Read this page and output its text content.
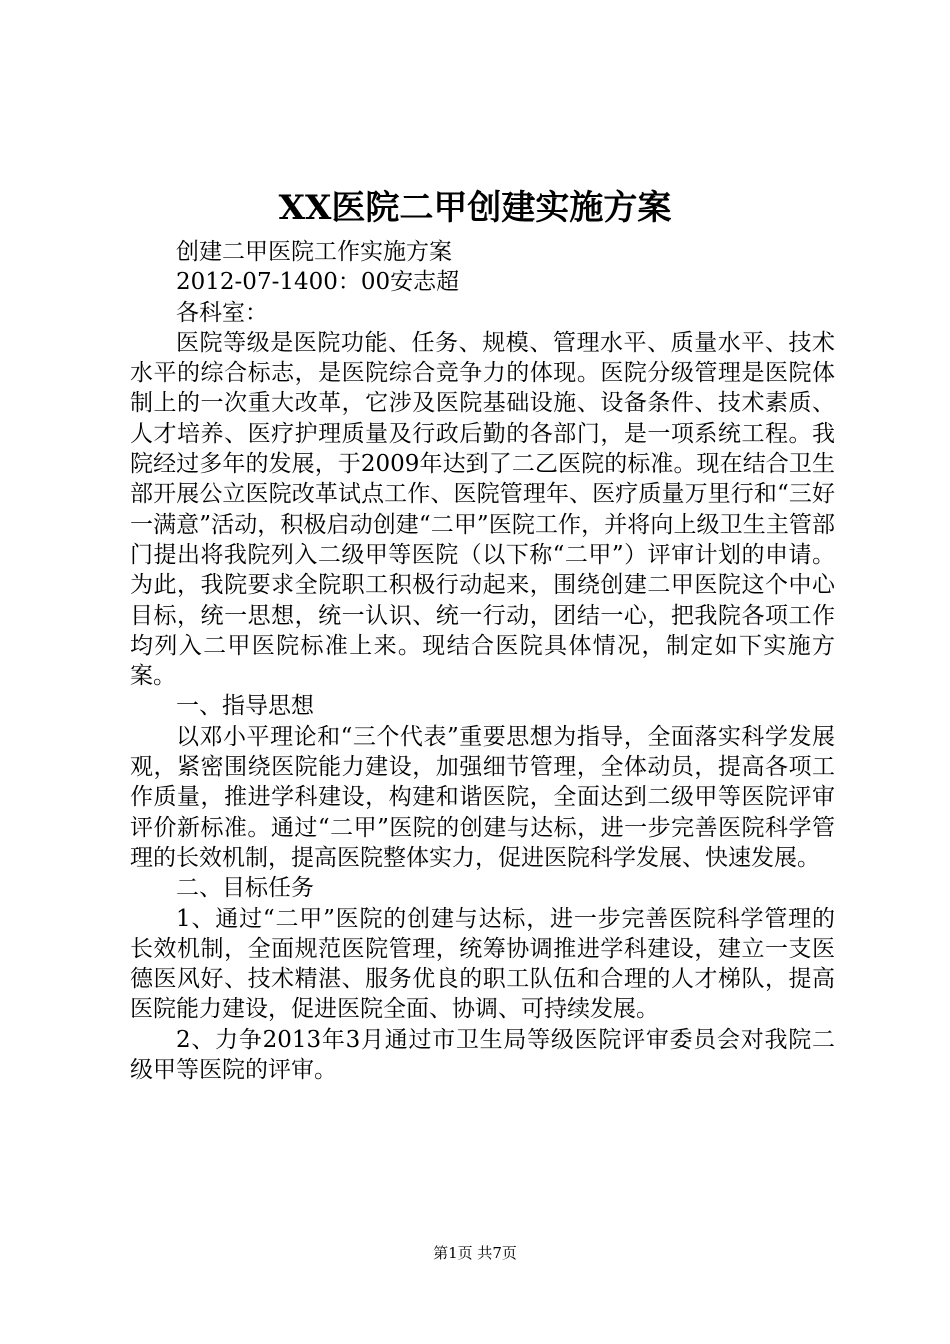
XX医院二甲创建实施方案

创建二甲医院工作实施方案

2012-07-1400：00安志超

各科室：

医院等级是医院功能、任务、规模、管理水平、质量水平、技术水平的综合标志，是医院综合竞争力的体现。医院分级管理是医院体制上的一次重大改革，它涉及医院基础设施、设备条件、技术素质、人才培养、医疗护理质量及行政后勤的各部门，是一项系统工程。我院经过多年的发展，于2009年达到了二乙医院的标准。现在结合卫生部开展公立医院改革试点工作、医院管理年、医疗质量万里行和“三好一满意”活动，积极启动创建“二甲”医院工作，并将向上级卫生主管部门提出将我院列入二级甲等医院（以下称“二甲”）评审计划的申请。为此，我院要求全院职工积极行动起来，围绕创建二甲医院这个中心目标，统一思想，统一认识、统一行动，团结一心，把我院各项工作均列入二甲医院标准上来。现结合医院具体情况，制定如下实施方案。

一、指导思想

以邓小平理论和“三个代表”重要思想为指导，全面落实科学发展观，紧密围绕医院能力建设，加强细节管理，全体动员，提高各项工作质量，推进学科建设，构建和谐医院，全面达到二级甲等医院评审评价新标准。通过“二甲”医院的创建与达标，进一步完善医院科学管理的长效机制，提高医院整体实力，促进医院科学发展、快速发展。

二、目标任务

1、通过“二甲”医院的创建与达标，进一步完善医院科学管理的长效机制，全面规范医院管理，统筹协调推进学科建设，建立一支医德医风好、技术精湛、服务优良的职工队伍和合理的人才梯队，提高医院能力建设，促进医院全面、协调、可持续发展。

2、力争2013年3月通过市卫生局等级医院评审委员会对我院二级甲等医院的评审。

第1页 共7页
